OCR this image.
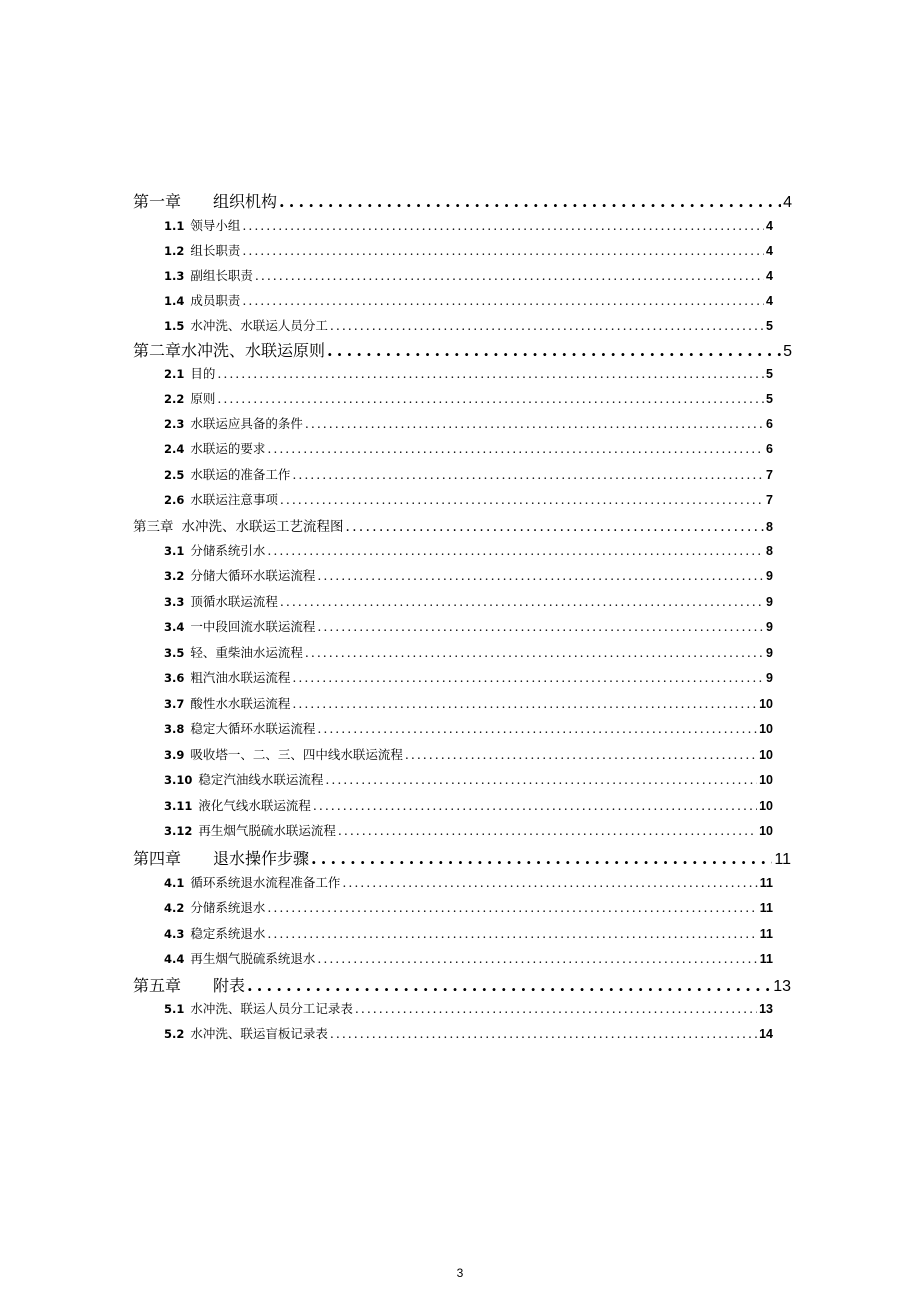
第一章	组织机构 .....	4
1.1 领导小组 .....	4
1.2 组长职责 .....	4
1.3 副组长职责 .....	4
1.4 成员职责 .....	4
1.5 水冲洗、水联运人员分工 .....	5
第二章 水冲洗、水联运原则 .....	5
2.1 目的 .....	5
2.2 原则 .....	5
2.3 水联运应具备的条件 .....	6
2.4 水联运的要求 .....	6
2.5 水联运的准备工作 .....	7
2.6 水联运注意事项 .....	7
第三章 水冲洗、水联运工艺流程图 .....	8
3.1 分储系统引水 .....	8
3.2 分储大循环水联运流程 .....	9
3.3 顶循水联运流程 .....	9
3.4 一中段回流水联运流程 .....	9
3.5 轻、重柴油水运流程 .....	9
3.6 粗汽油水联运流程 .....	9
3.7 酸性水水联运流程 .....	10
3.8 稳定大循环水联运流程 .....	10
3.9 吸收塔一、二、三、四中线水联运流程 .....	10
3.10 稳定汽油线水联运流程 .....	10
3.11 液化气线水联运流程 .....	10
3.12 再生烟气脱硫水联运流程 .....	10
第四章	退水操作步骤 .....	11
4.1 循环系统退水流程准备工作 .....	11
4.2 分储系统退水 .....	11
4.3 稳定系统退水 .....	11
4.4 再生烟气脱硫系统退水 .....	11
第五章	附表 .....	13
5.1 水冲洗、联运人员分工记录表 .....	13
5.2 水冲洗、联运盲板记录表 .....	14
3
